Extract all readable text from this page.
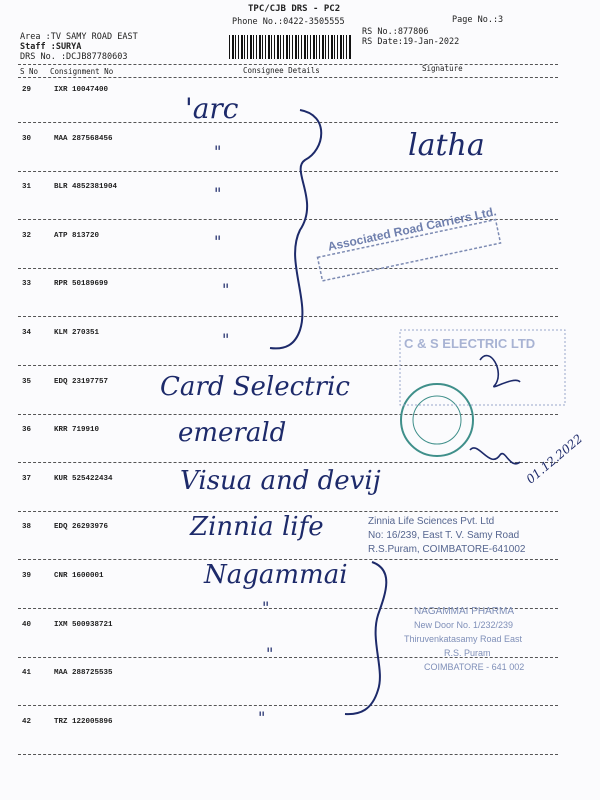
TPC/CJB DRS - PC2
Phone No.:0422-3505555	Page No.:3
Area :TV SAMY ROAD EAST
Staff :SURYA
DRS No. :DCJB87780603
RS No.:877806
RS Date:19-Jan-2022
S No Consignment No	Consignee Details	Signature
29	IXR 10047400
30	MAA 287568456
31	BLR 4852381904
32	ATP 813720
33	RPR 50189699
34	KLM 270351
35	EDQ 23197757
36	KRR 719910
37	KUR 525422434
38	EDQ 26293976
39	CNR 1600001
40	IXM 500938721
41	MAA 288725535
42	TRZ 122005896
'arc
latha
"
"
"
"
"
Card Selectric
emerald
Visua and devij
Zinnia life
Nagammai
"
"
"
01.12.2022
Associated Road Carriers Ltd.
C & S ELECTRIC LTD
Zinnia Life Sciences Pvt. Ltd
No: 16/239, East T. V. Samy Road
R.S.Puram, COIMBATORE-641002
NAGAMMAI PHARMA
New Door No. 1/232/239
Thiruvenkatasamy Road East
R.S. Puram
COIMBATORE - 641 002
